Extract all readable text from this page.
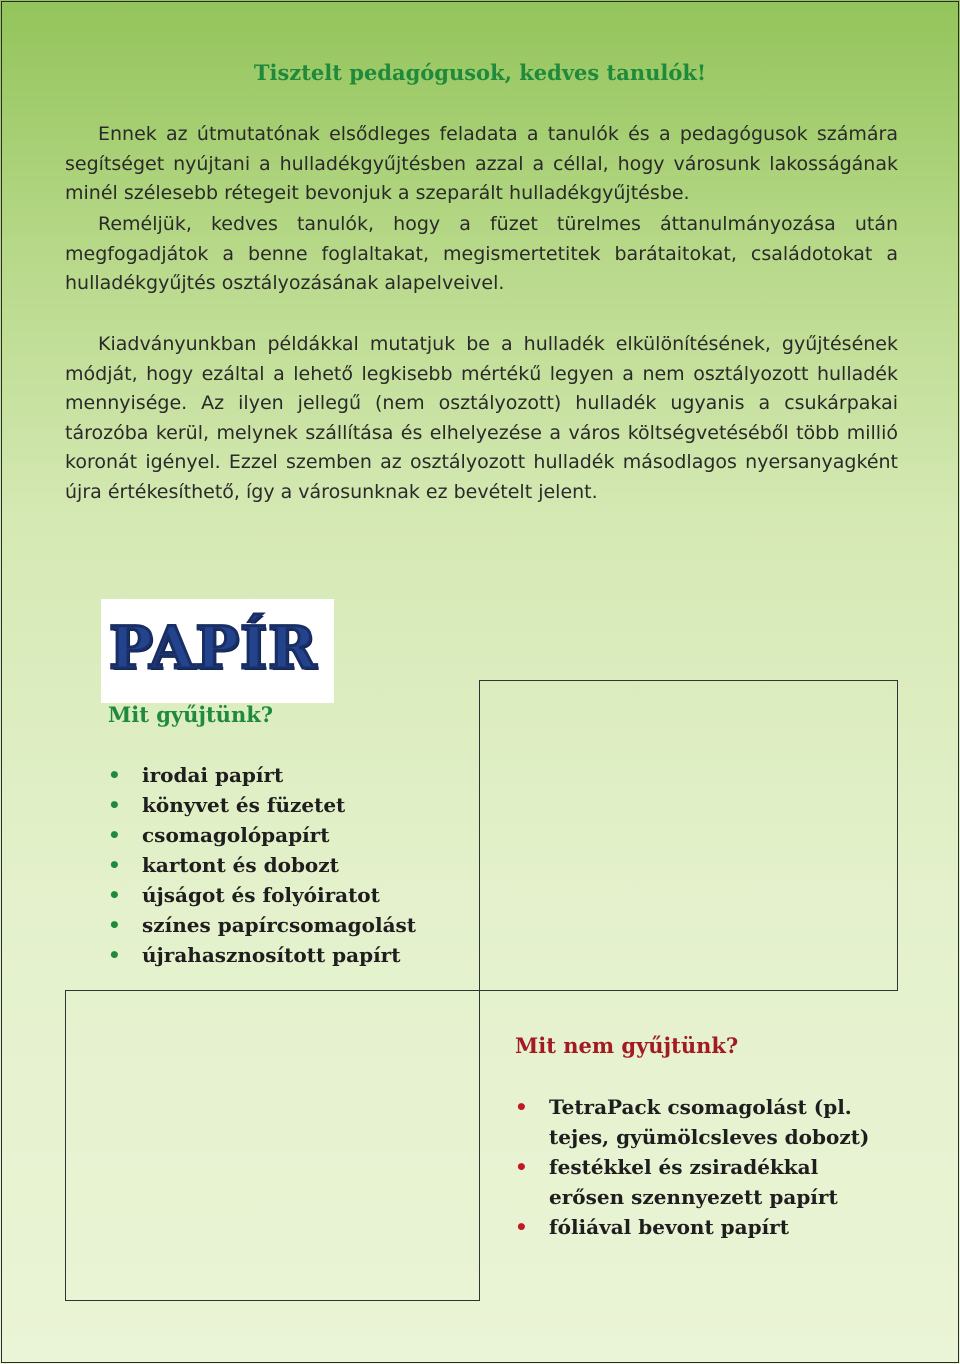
Tisztelt pedagógusok, kedves tanulók!

Ennek az útmutatónak elsődleges feladata a tanulók és a pedagógusok számára segítséget nyújtani a hulladékgyűjtésben azzal a céllal, hogy városunk lakosságának minél szélesebb rétegeit bevonjuk a szeparált hulladékgyűjtésbe.

Reméljük, kedves tanulók, hogy a füzet türelmes áttanulmányozása után megfogadjátok a benne foglaltakat, megismertetitek barátaitokat, családotokat a hulladékgyűjtés osztályozásának alapelveivel.

Kiadványunkban példákkal mutatjuk be a hulladék elkülönítésének, gyűjtésének módját, hogy ezáltal a lehető legkisebb mértékű legyen a nem osztályozott hulladék mennyisége. Az ilyen jellegű (nem osztályozott) hulladék ugyanis a csukárpakai tározóba kerül, melynek szállítása és elhelyezése a város költségvetéséből több millió koronát igényel. Ezzel szemben az osztályozott hulladék másodlagos nyersanyagként újra értékesíthető, így a városunknak ez bevételt jelent.

PAPÍR
Mit gyűjtünk?
• irodai papírt
• könyvet és füzetet
• csomagolópapírt
• kartont és dobozt
• újságot és folyóiratot
• színes papírcsomagolást
• újrahasznosított papírt
Mit nem gyűjtünk?
• TetraPack csomagolást (pl. tejes, gyümölcsleves dobozt)
• festékkel és zsiradékkal erősen szennyezett papírt
• fóliával bevont papírt
